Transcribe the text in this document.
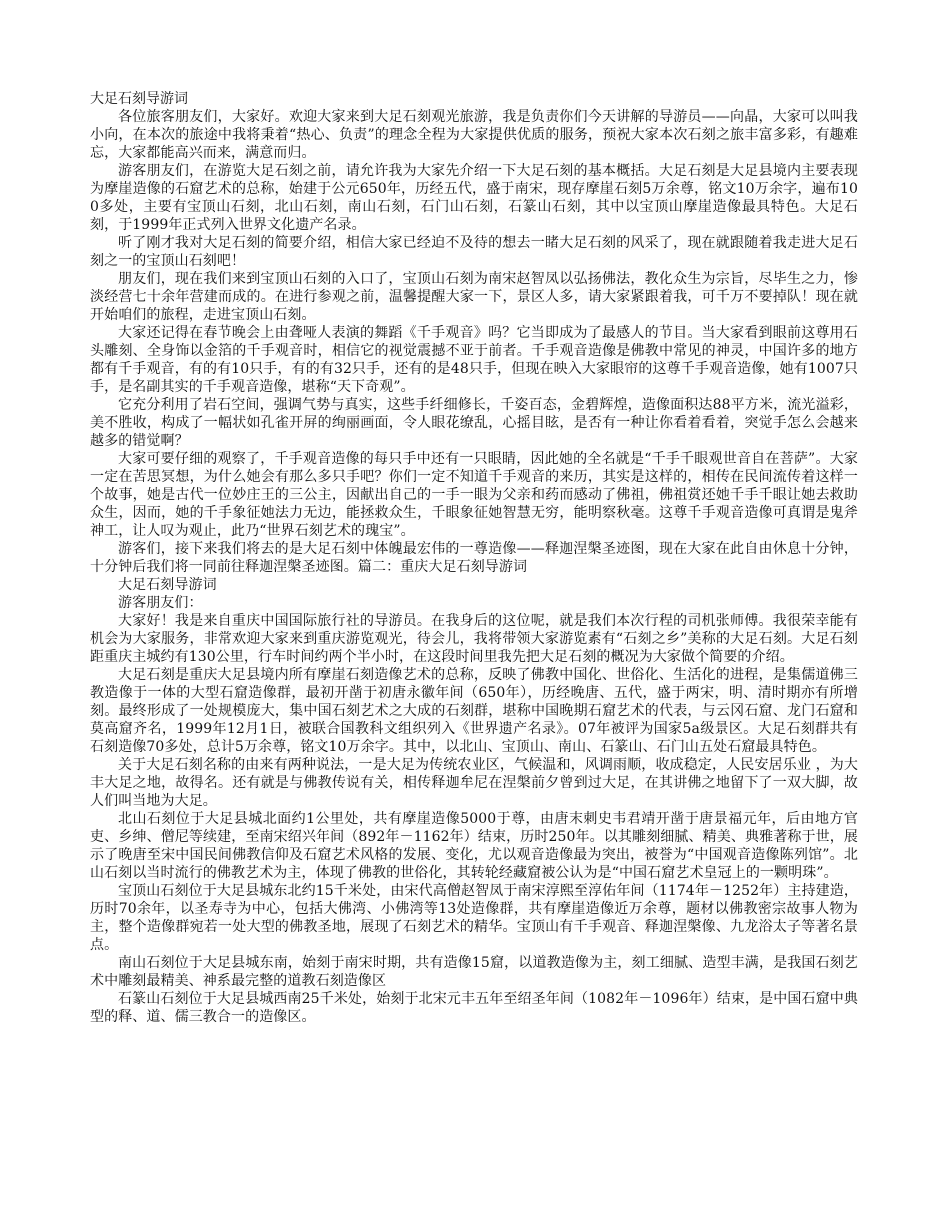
大足石刻导游词

各位旅客朋友们，大家好。欢迎大家来到大足石刻观光旅游，我是负责你们今天讲解的导游员——向晶，大家可以叫我小向，在本次的旅途中我将秉着“热心、负责”的理念全程为大家提供优质的服务，预祝大家本次石刻之旅丰富多彩，有趣难忘，大家都能高兴而来，满意而归。

游客朋友们，在游览大足石刻之前，请允许我为大家先介绍一下大足石刻的基本概括。大足石刻是大足县境内主要表现为摩崖造像的石窟艺术的总称，始建于公元650年，历经五代，盛于南宋，现存摩崖石刻5万余尊，铭文10万余字，遍布100多处，主要有宝顶山石刻，北山石刻，南山石刻，石门山石刻，石篆山石刻，其中以宝顶山摩崖造像最具特色。大足石刻，于1999年正式列入世界文化遗产名录。

听了刚才我对大足石刻的简要介绍，相信大家已经迫不及待的想去一睹大足石刻的风采了，现在就跟随着我走进大足石刻之一的宝顶山石刻吧！

朋友们，现在我们来到宝顶山石刻的入口了，宝顶山石刻为南宋赵智凤以弘扬佛法，教化众生为宗旨，尽毕生之力，惨淡经营七十余年营建而成的。在进行参观之前，温馨提醒大家一下，景区人多，请大家紧跟着我，可千万不要掉队！现在就开始咱们的旅程，走进宝顶山石刻。

大家还记得在春节晚会上由聋哑人表演的舞蹈《千手观音》吗？它当即成为了最感人的节目。当大家看到眼前这尊用石头雕刻、全身饰以金箔的千手观音时，相信它的视觉震撼不亚于前者。千手观音造像是佛教中常见的神灵，中国许多的地方都有千手观音，有的有10只手，有的有32只手，还有的是48只手，但现在映入大家眼帘的这尊千手观音造像，她有1007只手，是名副其实的千手观音造像，堪称“天下奇观”。

它充分利用了岩石空间，强调气势与真实，这些手纤细修长，千姿百态，金碧辉煌，造像面积达88平方米，流光溢彩，美不胜收，构成了一幅状如孔雀开屏的绚丽画面，令人眼花缭乱，心摇目眩，是否有一种让你看着看着，突觉手怎么会越来越多的错觉啊？

大家可要仔细的观察了，千手观音造像的每只手中还有一只眼睛，因此她的全名就是“千手千眼观世音自在菩萨”。大家一定在苦思冥想，为什么她会有那么多只手吧？你们一定不知道千手观音的来历，其实是这样的，相传在民间流传着这样一个故事，她是古代一位妙庄王的三公主，因献出自己的一手一眼为父亲和药而感动了佛祖，佛祖赏还她千手千眼让她去救助众生，因而，她的千手象征她法力无边，能拯救众生，千眼象征她智慧无穷，能明察秋毫。这尊千手观音造像可真谓是鬼斧神工，让人叹为观止，此乃“世界石刻艺术的瑰宝”。

游客们，接下来我们将去的是大足石刻中体魄最宏伟的一尊造像——释迦涅槃圣迹图，现在大家在此自由休息十分钟，十分钟后我们将一同前往释迦涅槃圣迹图。篇二：重庆大足石刻导游词

大足石刻导游词

游客朋友们：

大家好！我是来自重庆中国国际旅行社的导游员。在我身后的这位呢，就是我们本次行程的司机张师傅。我很荣幸能有机会为大家服务，非常欢迎大家来到重庆游览观光，待会儿，我将带领大家游览素有“石刻之乡”美称的大足石刻。大足石刻距重庆主城约有130公里，行车时间约两个半小时，在这段时间里我先把大足石刻的概况为大家做个简要的介绍。

大足石刻是重庆大足县境内所有摩崖石刻造像艺术的总称，反映了佛教中国化、世俗化、生活化的进程，是集儒道佛三教造像于一体的大型石窟造像群，最初开凿于初唐永徽年间（650年），历经晚唐、五代，盛于两宋，明、清时期亦有所增刻。最终形成了一处规模庞大，集中国石刻艺术之大成的石刻群，堪称中国晚期石窟艺术的代表，与云冈石窟、龙门石窟和莫高窟齐名，1999年12月1日，被联合国教科文组织列入《世界遗产名录》。07年被评为国家5a级景区。大足石刻群共有石刻造像70多处，总计5万余尊，铭文10万余字。其中，以北山、宝顶山、南山、石篆山、石门山五处石窟最具特色。

关于大足石刻名称的由来有两种说法，一是大足为传统农业区，气候温和，风调雨顺，收成稳定，人民安居乐业 ，为大丰大足之地，故得名。还有就是与佛教传说有关，相传释迦牟尼在涅槃前夕曾到过大足，在其讲佛之地留下了一双大脚，故人们叫当地为大足。

北山石刻位于大足县城北面约1公里处，共有摩崖造像5000于尊，由唐末刺史韦君靖开凿于唐景福元年，后由地方官吏、乡绅、僧尼等续建，至南宋绍兴年间（892年－1162年）结束，历时250年。以其雕刻细腻、精美、典雅著称于世，展示了晚唐至宋中国民间佛教信仰及石窟艺术风格的发展、变化，尤以观音造像最为突出，被誉为“中国观音造像陈列馆”。北山石刻以当时流行的佛教艺术为主，体现了佛教的世俗化，其转轮经藏窟被公认为是“中国石窟艺术皇冠上的一颗明珠”。

宝顶山石刻位于大足县城东北约15千米处，由宋代高僧赵智凤于南宋淳熙至淳佑年间（1174年－1252年）主持建造，历时70余年，以圣寿寺为中心，包括大佛湾、小佛湾等13处造像群，共有摩崖造像近万余尊，题材以佛教密宗故事人物为主，整个造像群宛若一处大型的佛教圣地，展现了石刻艺术的精华。宝顶山有千手观音、释迦涅槃像、九龙浴太子等著名景点。

南山石刻位于大足县城东南，始刻于南宋时期，共有造像15窟，以道教造像为主，刻工细腻、造型丰满，是我国石刻艺术中雕刻最精美、神系最完整的道教石刻造像区

石篆山石刻位于大足县城西南25千米处，始刻于北宋元丰五年至绍圣年间（1082年－1096年）结束，是中国石窟中典型的释、道、儒三教合一的造像区。
